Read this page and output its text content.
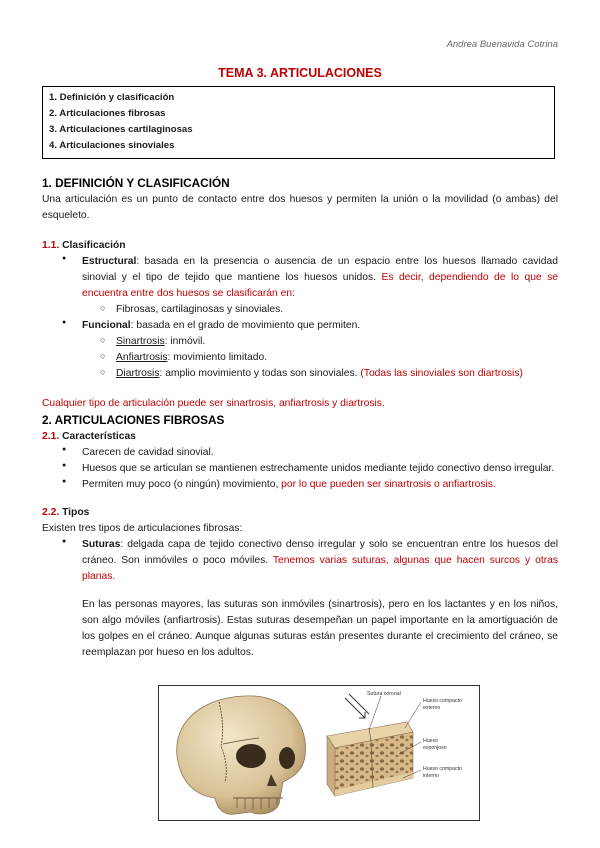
Andrea Buenavida Cotrina
TEMA 3. ARTICULACIONES
1. Definición y clasificación
2. Articulaciones fibrosas
3. Articulaciones cartilaginosas
4. Articulaciones sinoviales
1. DEFINICIÓN Y CLASIFICACIÓN

Una articulación es un punto de contacto entre dos huesos y permiten la unión o la movilidad (o ambas) del esqueleto.

1.1. Clasificación
● Estructural: basada en la presencia o ausencia de un espacio entre los huesos llamado cavidad sinovial y el tipo de tejido que mantiene los huesos unidos. Es decir, dependiendo de lo que se encuentra entre dos huesos se clasificarán en:
○ Fibrosas, cartilaginosas y sinoviales.
● Funcional: basada en el grado de movimiento que permiten.
○ Sinartrosis: inmóvil.
○ Anfiartrosis: movimiento limitado.
○ Diartrosis: amplio movimiento y todas son sinoviales. (Todas las sinoviales son diartrosis)

Cualquier tipo de articulación puede ser sinartrosis, anfiartrosis y diartrosis.

2. ARTICULACIONES FIBROSAS
2.1. Características
● Carecen de cavidad sinovial.
● Huesos que se articulan se mantienen estrechamente unidos mediante tejido conectivo denso irregular.
● Permiten muy poco (o ningún) movimiento, por lo que pueden ser sinartrosis o anfiartrosis.
2.2. Tipos

Existen tres tipos de articulaciones fibrosas:

● Suturas: delgada capa de tejido conectivo denso irregular y solo se encuentran entre los huesos del cráneo. Son inmóviles o poco móviles. Tenemos varias suturas, algunas que hacen surcos y otras planas.

En las personas mayores, las suturas son inmóviles (sinartrosis), pero en los lactantes y en los niños, son algo móviles (anfiartrosis). Estas suturas desempeñan un papel importante en la amortiguación de los golpes en el cráneo. Aunque algunas suturas están presentes durante el crecimiento del cráneo, se reemplazan por hueso en los adultos.

Sutura coronal
Hueso compacto
externo
Hueso
esponjoso
Hueso compacto
interno
